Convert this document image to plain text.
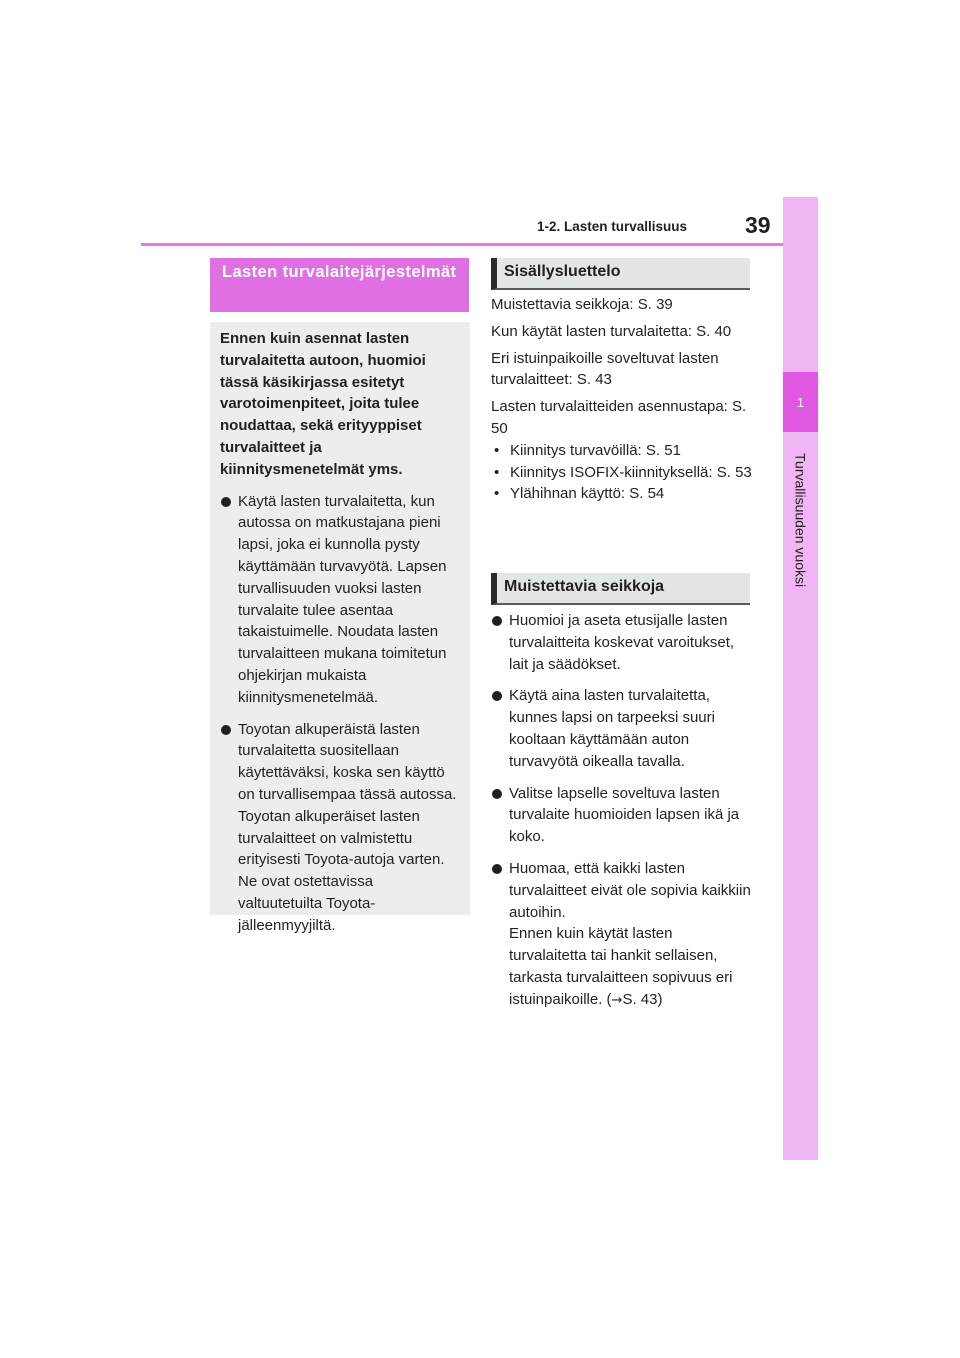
1
Turvallisuuden vuoksi
39
1-2. Lasten turvallisuus
Lasten turvalaitejärjestelmät
Ennen kuin asennat lasten turvalaitetta autoon, huomioi tässä käsikirjassa esitetyt varotoimenpiteet, joita tulee noudattaa, sekä erityyppiset turvalaitteet ja kiinnitysmenetelmät yms.
Käytä lasten turvalaitetta, kun autossa on matkustajana pieni lapsi, joka ei kunnolla pysty käyttämään turvavyötä. Lapsen turvallisuuden vuoksi lasten turvalaite tulee asentaa takaistuimelle. Noudata lasten turvalaitteen mukana toimitetun ohjekirjan mukaista kiinnitysmenetelmää.
Toyotan alkuperäistä lasten turvalaitetta suositellaan käytettäväksi, koska sen käyttö on turvallisempaa tässä autossa. Toyotan alkuperäiset lasten turvalaitteet on valmistettu erityisesti Toyota-autoja varten. Ne ovat ostettavissa valtuutetuilta Toyota-jälleenmyyjiltä.
Sisällysluettelo
Muistettavia seikkoja: S. 39
Kun käytät lasten turvalaitetta: S. 40
Eri istuinpaikoille soveltuvat lasten turvalaitteet: S. 43
Lasten turvalaitteiden asennustapa: S. 50
• Kiinnitys turvavöillä: S. 51
• Kiinnitys ISOFIX-kiinnityksellä: S. 53
• Ylähihnan käyttö: S. 54
Muistettavia seikkoja
Huomioi ja aseta etusijalle lasten turvalaitteita koskevat varoitukset, lait ja säädökset.
Käytä aina lasten turvalaitetta, kunnes lapsi on tarpeeksi suuri kooltaan käyttämään auton turvavyötä oikealla tavalla.
Valitse lapselle soveltuva lasten turvalaite huomioiden lapsen ikä ja koko.
Huomaa, että kaikki lasten turvalaitteet eivät ole sopivia kaikkiin autoihin.
Ennen kuin käytät lasten turvalaitetta tai hankit sellaisen, tarkasta turvalaitteen sopivuus eri istuinpaikoille. (→S. 43)
